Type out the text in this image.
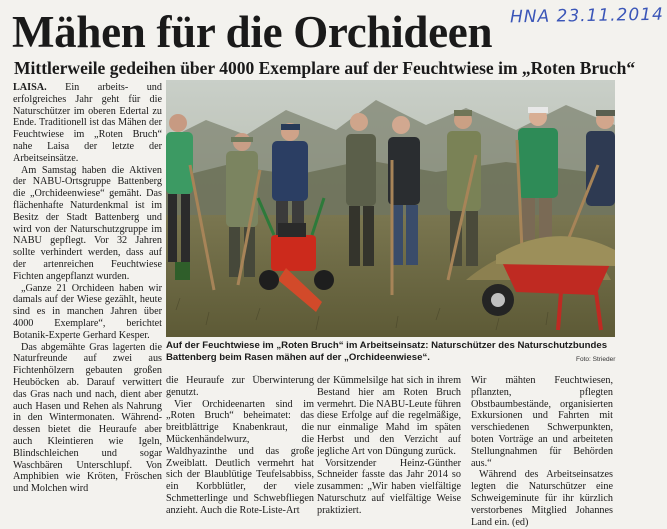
HNA 23.11.2014
Mähen für die Orchideen
Mittlerweile gedeihen über 4000 Exemplare auf der Feuchtwiese im „Roten Bruch“

LAISA. Ein arbeits- und erfolgreiches Jahr geht für die Naturschützer im oberen Edertal zu Ende. Traditionell ist das Mähen der Feuchtwiese im „Roten Bruch“ nahe Laisa der letzte der Arbeitseinsätze.

Am Samstag haben die Aktiven der NABU-Ortsgruppe Battenberg die „Orchideenwiese“ gemäht. Das flächenhafte Naturdenkmal ist im Besitz der Stadt Battenberg und wird von der Naturschutzgruppe im NABU gepflegt. Vor 32 Jahren sollte verhindert werden, dass auf der artenreichen Feuchtwiese Fichten angepflanzt wurden.

„Ganze 21 Orchideen haben wir damals auf der Wiese gezählt, heute sind es in manchen Jahren über 4000 Exemplare“, berichtet Botanik-Experte Gerhard Kesper.

Das abgemähte Gras lagerten die Naturfreunde auf zwei aus Fichtenhölzern gebauten großen Heuböcken ab. Darauf verwittert das Gras nach und nach, dient aber auch Hasen und Rehen als Nahrung in den Wintermonaten. Während-dessen bietet die Heuraufe aber auch Kleintieren wie Igeln, Blindschleichen und sogar Waschbären Unterschlupf. Von Amphibien wie Kröten, Fröschen und Molchen wird

Auf der Feuchtwiese im „Roten Bruch“ im Arbeitseinsatz: Naturschützer des Naturschutzbundes Battenberg beim Rasen mähen auf der „Orchideenwiese“.	Foto: Strieder

die Heuraufe zur Überwinterung genutzt.

Vier Orchideenarten sind im „Roten Bruch“ beheimatet: das breitblättrige Knabenkraut, die Mückenhändelwurz, die Waldhyazinthe und das große Zweiblatt. Deutlich vermehrt hat sich der Blaublütige Teufelsabbiss, ein Korbblütler, der viele Schmetterlinge und Schwebfliegen anzieht. Auch die Rote-Liste-Art

der Kümmelsilge hat sich in ihrem Bestand hier am Roten Bruch vermehrt. Die NABU-Leute führen diese Erfolge auf die regelmäßige, nur einmalige Mahd im späten Herbst und den Verzicht auf jegliche Art von Düngung zurück.

Vorsitzender Heinz-Günther Schneider fasste das Jahr 2014 so zusammen: „Wir haben vielfältige Naturschutz auf vielfältige Weise praktiziert.

Wir mähten Feuchtwiesen, pflanzten, pflegten Obstbaumbestände, organisierten Exkursionen und Fahrten mit verschiedenen Schwerpunkten, boten Vorträge an und arbeiteten Stellungnahmen für Behörden aus.“

Während des Arbeitseinsatzes legten die Naturschützer eine Schweigeminute für ihr kürzlich verstorbenes Mitglied Johannes Land ein. (ed)
